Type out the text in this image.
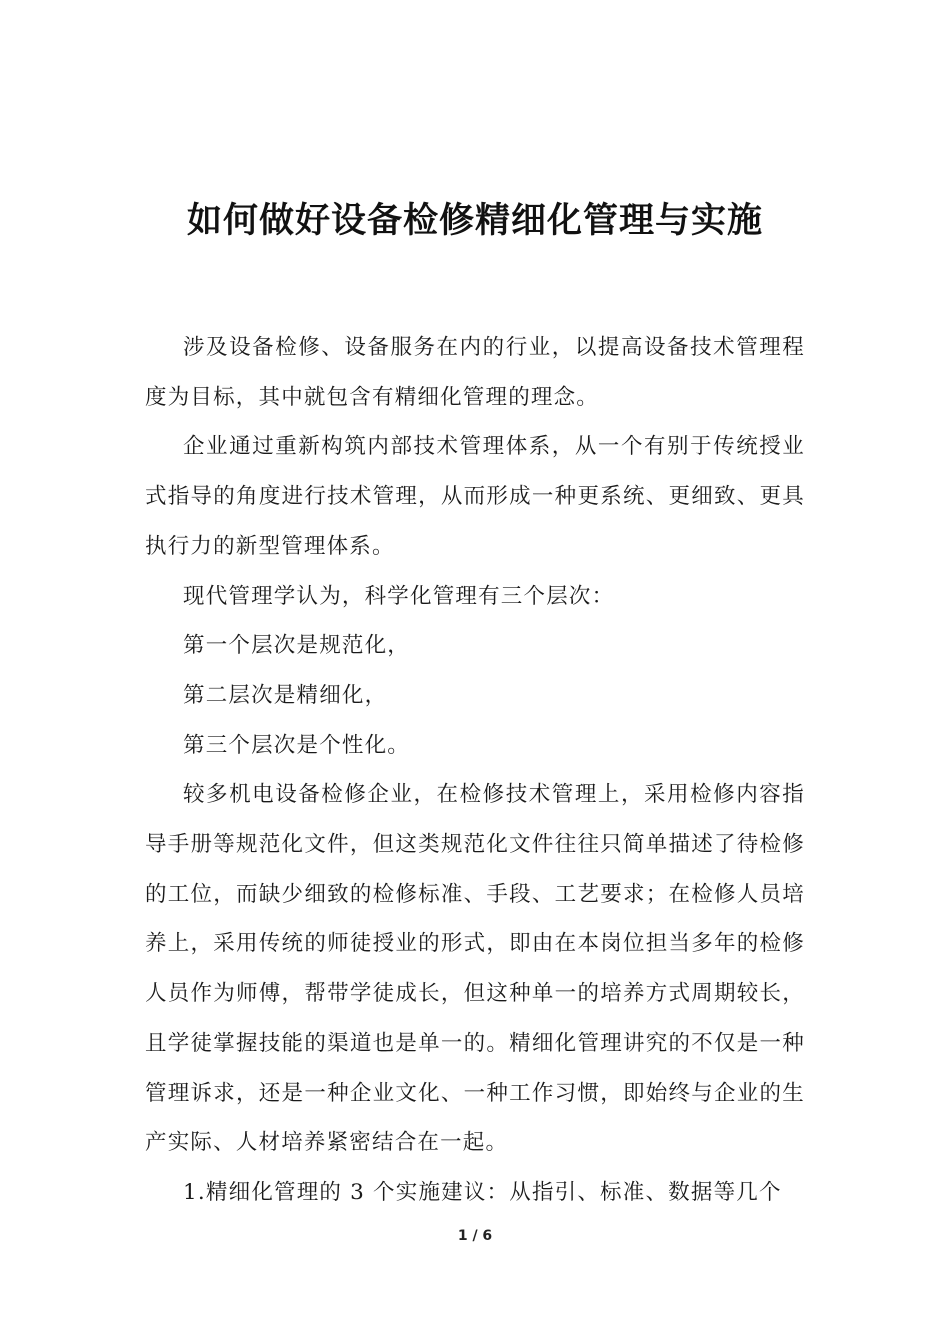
如何做好设备检修精细化管理与实施

涉及设备检修、设备服务在内的行业，以提高设备技术管理程度为目标，其中就包含有精细化管理的理念。

企业通过重新构筑内部技术管理体系，从一个有别于传统授业式指导的角度进行技术管理，从而形成一种更系统、更细致、更具执行力的新型管理体系。

现代管理学认为，科学化管理有三个层次：

第一个层次是规范化，

第二层次是精细化，

第三个层次是个性化。

较多机电设备检修企业，在检修技术管理上，采用检修内容指导手册等规范化文件，但这类规范化文件往往只简单描述了待检修的工位，而缺少细致的检修标准、手段、工艺要求；在检修人员培养上，采用传统的师徒授业的形式，即由在本岗位担当多年的检修人员作为师傅，帮带学徒成长，但这种单一的培养方式周期较长，且学徒掌握技能的渠道也是单一的。精细化管理讲究的不仅是一种管理诉求，还是一种企业文化、一种工作习惯，即始终与企业的生产实际、人材培养紧密结合在一起。

1.精细化管理的 3 个实施建议：从指引、标准、数据等几个

1 / 6
